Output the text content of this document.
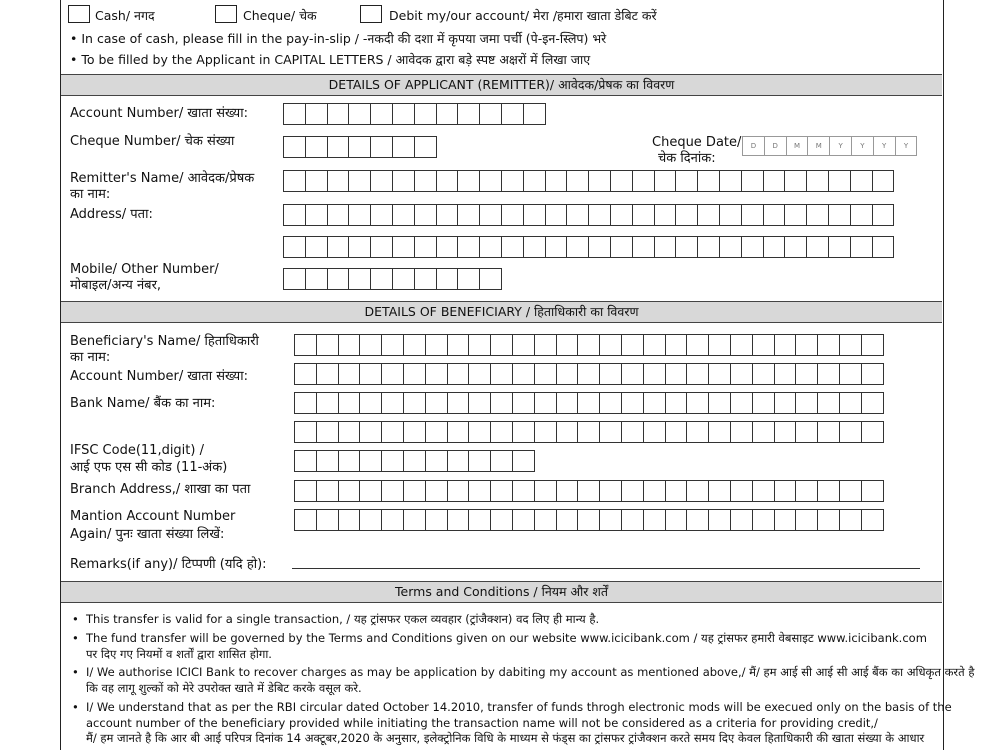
Cash/ नगद	Cheque/ चेक	Debit my/our account/ मेरा /हमारा खाता डेबिट करें
• In case of cash, please fill in the pay-in-slip / -नकदी की दशा में कृपया जमा पर्ची (पे-इन-स्लिप) भरे
• To be filled by the Applicant in CAPITAL LETTERS / आवेदक द्वारा बड़े स्पष्ट अक्षरों में लिखा जाए
DETAILS OF APPLICANT (REMITTER)/ आवेदक/प्रेषक का विवरण
Account Number/ खाता संख्या:
Cheque Number/ चेक संख्या	Cheque Date/
चेक दिनांक:
D	D	M	M	Y	Y	Y	Y
Remitter's Name/ आवेदक/प्रेषक
का नाम:
Address/ पता:
Mobile/ Other Number/
मोबाइल/अन्य नंबर,
DETAILS OF BENEFICIARY / हिताधिकारी का विवरण
Beneficiary's Name/ हिताधिकारी
का नाम:
Account Number/ खाता संख्या:
Bank Name/ बैंक का नाम:
IFSC Code(11,digit) /
आई एफ एस सी कोड (11-अंक)
Branch Address,/ शाखा का पता
Mantion Account Number
Again/ पुनः खाता संख्या लिखें:
Remarks(if any)/ टिप्पणी (यदि हो):
Terms and Conditions / नियम और शर्तें
• This transfer is valid for a single transaction, / यह ट्रांसफर एकल व्यवहार (ट्रांजैक्शन) वद लिए ही मान्य है.
• The fund transfer will be governed by the Terms and Conditions given on our website www.icicibank.com / यह ट्रांसफर हमारी वेबसाइट www.icicibank.com
पर दिए गए नियमों व शर्तों द्वारा शासित होगा.
• I/ We authorise ICICI Bank to recover charges as may be application by dabiting my account as mentioned above,/ मैं/ हम आई सी आई सी आई बैंक का अधिकृत करते है
कि वह लागू शुल्कों को मेरे उपरोक्त खाते में डेबिट करके वसूल करे.
• I/ We understand that as per the RBI circular dated October 14.2010, transfer of funds throgh electronic mods will be execued only on the basis of the
account number of the beneficiary provided while initiating the transaction name will not be considered as a criteria for providing credit,/
मैं/ हम जानते है कि आर बी आई परिपत्र दिनांक 14 अक्टूबर,2020 के अनुसार, इलेक्ट्रोनिक विधि के माध्यम से फंड्स का ट्रांसफर ट्रांजैक्शन करते समय दिए केवल हिताधिकारी की खाता संख्या के आधार
